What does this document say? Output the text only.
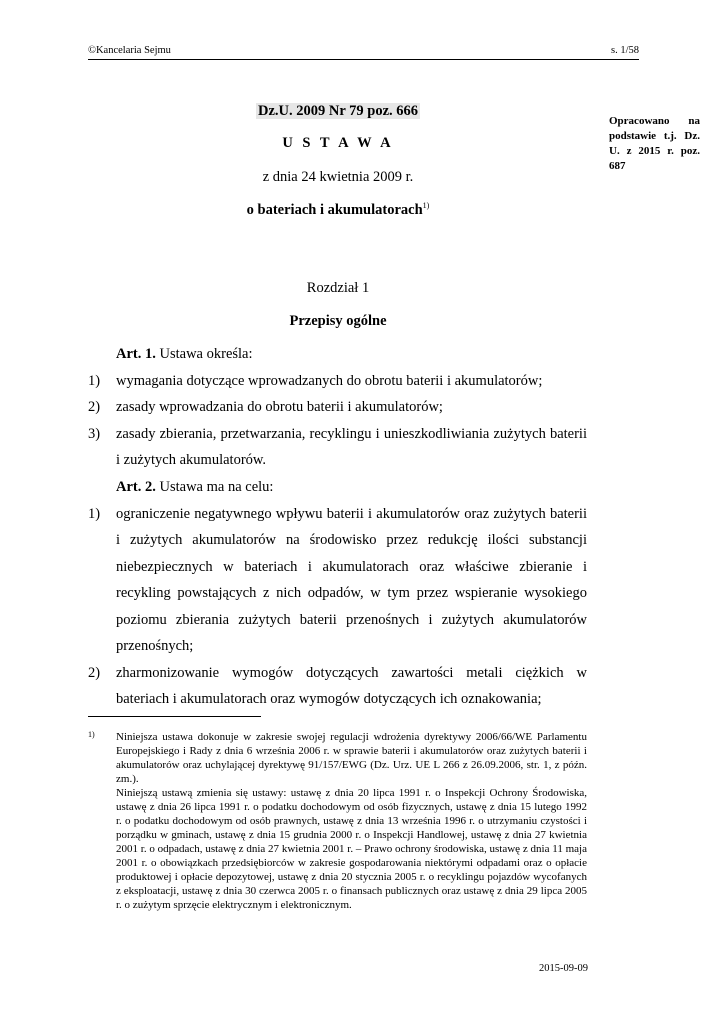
©Kancelaria Sejmu	s. 1/58
Opracowano na podstawie t.j. Dz. U. z 2015 r. poz. 687
Dz.U. 2009 Nr 79 poz. 666
U S T A W A
z dnia 24 kwietnia 2009 r.
o bateriach i akumulatorach$^{1)}$
Rozdział 1
Przepisy ogólne
Art. 1. Ustawa określa:
1)	wymagania dotyczące wprowadzanych do obrotu baterii i akumulatorów;
2)	zasady wprowadzania do obrotu baterii i akumulatorów;
3)	zasady zbierania, przetwarzania, recyklingu i unieszkodliwiania zużytych baterii i zużytych akumulatorów.
Art. 2. Ustawa ma na celu:
1)	ograniczenie negatywnego wpływu baterii i akumulatorów oraz zużytych baterii i zużytych akumulatorów na środowisko przez redukcję ilości substancji niebezpiecznych w bateriach i akumulatorach oraz właściwe zbieranie i recykling powstających z nich odpadów, w tym przez wspieranie wysokiego poziomu zbierania zużytych baterii przenośnych i zużytych akumulatorów przenośnych;
2)	zharmonizowanie wymogów dotyczących zawartości metali ciężkich w bateriach i akumulatorach oraz wymogów dotyczących ich oznakowania;
1)	Niniejsza ustawa dokonuje w zakresie swojej regulacji wdrożenia dyrektywy 2006/66/WE Parlamentu Europejskiego i Rady z dnia 6 września 2006 r. w sprawie baterii i akumulatorów oraz zużytych baterii i akumulatorów oraz uchylającej dyrektywę 91/157/EWG (Dz. Urz. UE L 266 z 26.09.2006, str. 1, z późn. zm.).

Niniejszą ustawą zmienia się ustawy: ustawę z dnia 20 lipca 1991 r. o Inspekcji Ochrony Środowiska, ustawę z dnia 26 lipca 1991 r. o podatku dochodowym od osób fizycznych, ustawę z dnia 15 lutego 1992 r. o podatku dochodowym od osób prawnych, ustawę z dnia 13 września 1996 r. o utrzymaniu czystości i porządku w gminach, ustawę z dnia 15 grudnia 2000 r. o Inspekcji Handlowej, ustawę z dnia 27 kwietnia 2001 r. o odpadach, ustawę z dnia 27 kwietnia 2001 r. – Prawo ochrony środowiska, ustawę z dnia 11 maja 2001 r. o obowiązkach przedsiębiorców w zakresie gospodarowania niektórymi odpadami oraz o opłacie produktowej i opłacie depozytowej, ustawę z dnia 20 stycznia 2005 r. o recyklingu pojazdów wycofanych z eksploatacji, ustawę z dnia 30 czerwca 2005 r. o finansach publicznych oraz ustawę z dnia 29 lipca 2005 r. o zużytym sprzęcie elektrycznym i elektronicznym.

2015-09-09
